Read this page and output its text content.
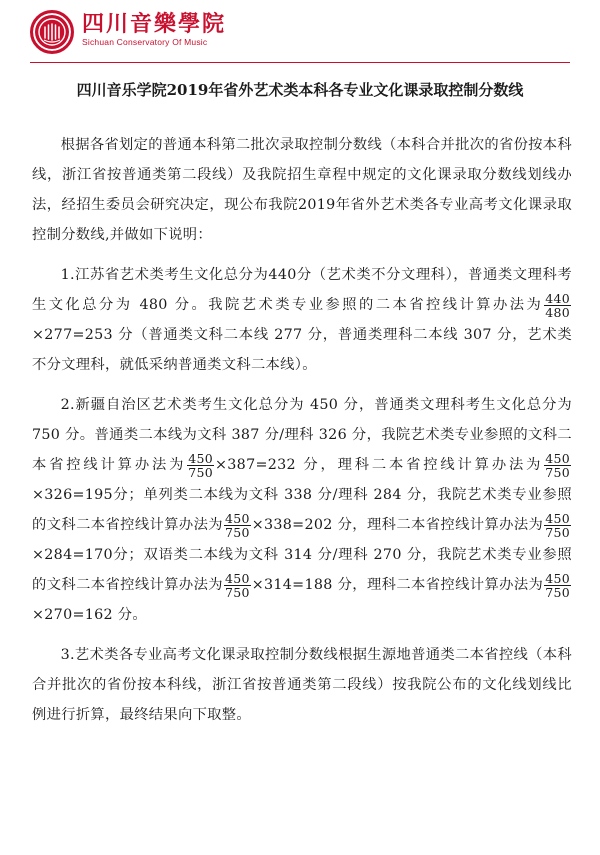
四川音樂學院
Sichuan Conservatory Of Music
四川音乐学院2019年省外艺术类本科各专业文化课录取控制分数线

根据各省划定的普通本科第二批次录取控制分数线（本科合并批次的省份按本科线，浙江省按普通类第二段线）及我院招生章程中规定的文化课录取分数线划线办法，经招生委员会研究决定，现公布我院2019年省外艺术类各专业高考文化课录取控制分数线,并做如下说明：

1.江苏省艺术类考生文化总分为440分（艺术类不分文理科），普通类文理科考生文化总分为 480 分。我院艺术类专业参照的二本省控线计算办法为 $\frac{440}{480}$
×277=253 分（普通类文科二本线 277 分，普通类理科二本线 307 分，艺术类不分文理科，就低采纳普通类文科二本线）。

2.新疆自治区艺术类考生文化总分为 450 分，普通类文理科考生文化总分为 750 分。普通类二本线为文科 387 分/理科 326 分，我院艺术类专业参照的文科二本省控线计算办法为 $\frac{450}{750} \times 387=232$ 分，理科二本省控线计算办法为 $\frac{450}{750}$
×326=195分；单列类二本线为文科 338 分/理科 284 分，我院艺术类专业参照的文科二本省控线计算办法为 $\frac{450}{750} \times 338=202$ 分，理科二本省控线计算办法为 $\frac{450}{750}$
×284=170分；双语类二本线为文科 314 分/理科 270 分，我院艺术类专业参照的文科二本省控线计算办法为 $\frac{450}{750} \times 314=188$ 分，理科二本省控线计算办法为 $\frac{450}{750}$
×270=162 分。

3.艺术类各专业高考文化课录取控制分数线根据生源地普通类二本省控线（本科合并批次的省份按本科线，浙江省按普通类第二段线）按我院公布的文化线划线比例进行折算，最终结果向下取整。
